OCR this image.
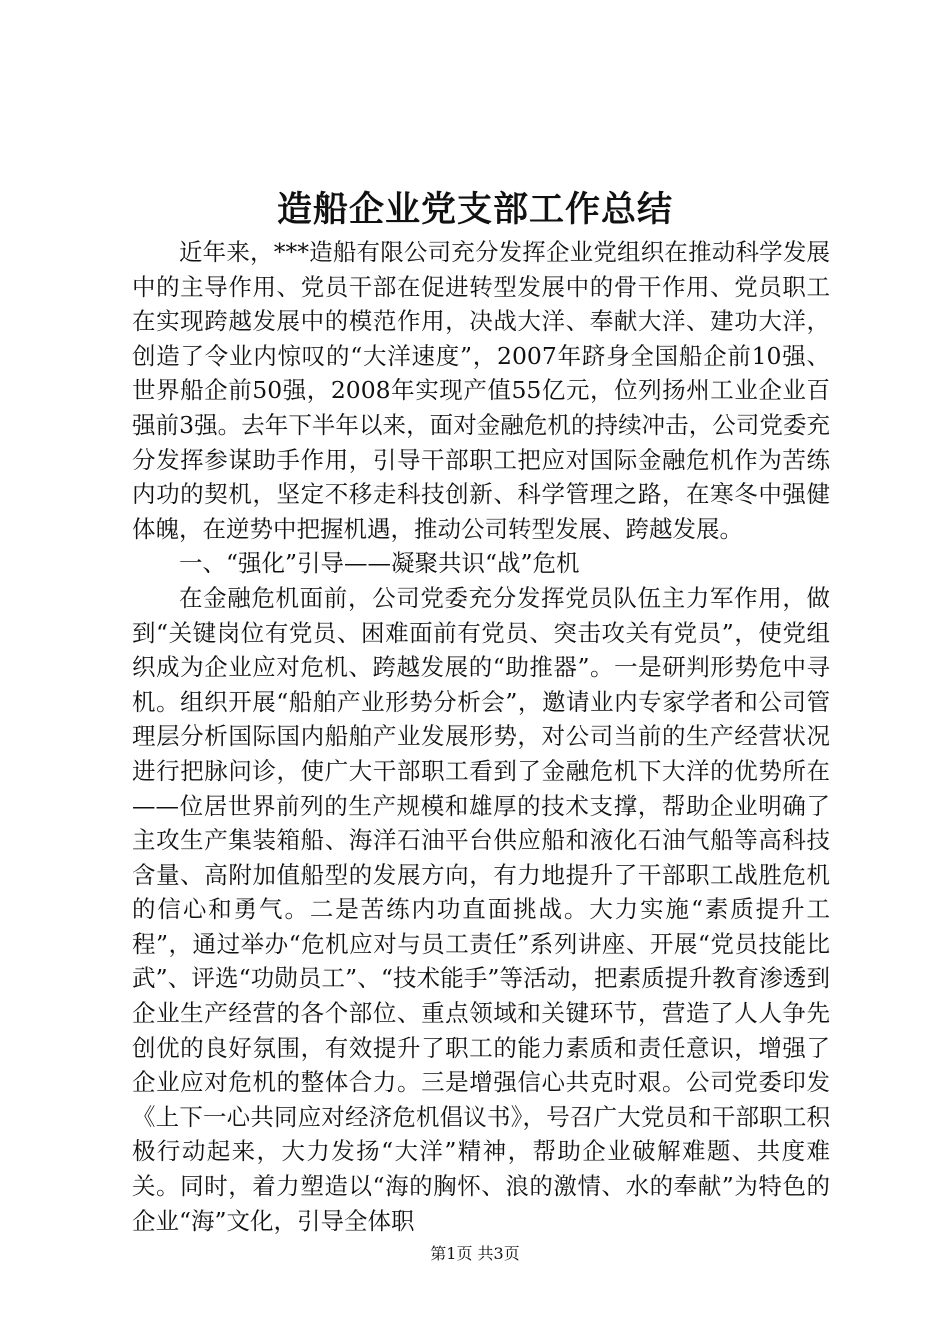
造船企业党支部工作总结

近年来，***造船有限公司充分发挥企业党组织在推动科学发展中的主导作用、党员干部在促进转型发展中的骨干作用、党员职工在实现跨越发展中的模范作用，决战大洋、奉献大洋、建功大洋，创造了令业内惊叹的“大洋速度”，2007年跻身全国船企前10强、世界船企前50强，2008年实现产值55亿元，位列扬州工业企业百强前3强。去年下半年以来，面对金融危机的持续冲击，公司党委充分发挥参谋助手作用，引导干部职工把应对国际金融危机作为苦练内功的契机，坚定不移走科技创新、科学管理之路，在寒冬中强健体魄，在逆势中把握机遇，推动公司转型发展、跨越发展。

一、“强化”引导——凝聚共识“战”危机

在金融危机面前，公司党委充分发挥党员队伍主力军作用，做到“关键岗位有党员、困难面前有党员、突击攻关有党员”，使党组织成为企业应对危机、跨越发展的“助推器”。一是研判形势危中寻机。组织开展“船舶产业形势分析会”，邀请业内专家学者和公司管理层分析国际国内船舶产业发展形势，对公司当前的生产经营状况进行把脉问诊，使广大干部职工看到了金融危机下大洋的优势所在——位居世界前列的生产规模和雄厚的技术支撑，帮助企业明确了主攻生产集装箱船、海洋石油平台供应船和液化石油气船等高科技含量、高附加值船型的发展方向，有力地提升了干部职工战胜危机的信心和勇气。二是苦练内功直面挑战。大力实施“素质提升工程”，通过举办“危机应对与员工责任”系列讲座、开展“党员技能比武”、评选“功勋员工”、“技术能手”等活动，把素质提升教育渗透到企业生产经营的各个部位、重点领域和关键环节，营造了人人争先创优的良好氛围，有效提升了职工的能力素质和责任意识，增强了企业应对危机的整体合力。三是增强信心共克时艰。公司党委印发《上下一心共同应对经济危机倡议书》，号召广大党员和干部职工积极行动起来，大力发扬“大洋”精神，帮助企业破解难题、共度难关。同时，着力塑造以“海的胸怀、浪的激情、水的奉献”为特色的企业“海”文化，引导全体职

第1页 共3页
